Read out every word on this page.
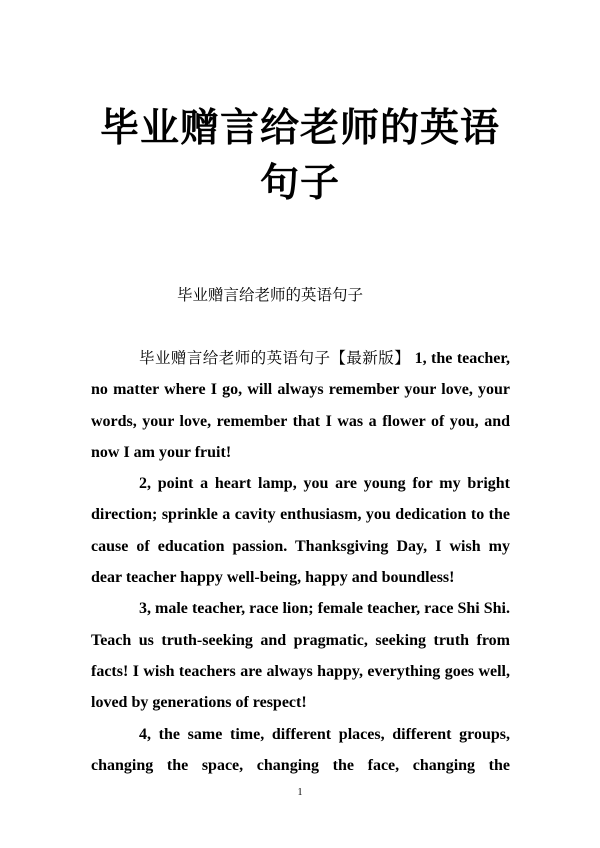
毕业赠言给老师的英语句子

毕业赠言给老师的英语句子

毕业赠言给老师的英语句子【最新版】 1, the teacher, no matter where I go, will always remember your love, your words, your love, remember that I was a flower of you, and now I am your fruit!

2, point a heart lamp, you are young for my bright direction; sprinkle a cavity enthusiasm, you dedication to the cause of education passion. Thanksgiving Day, I wish my dear teacher happy well-being, happy and boundless!

3, male teacher, race lion; female teacher, race Shi Shi. Teach us truth-seeking and pragmatic, seeking truth from facts! I wish teachers are always happy, everything goes well, loved by generations of respect!

4, the same time, different places, different groups, changing the space, changing the face, changing the

1
